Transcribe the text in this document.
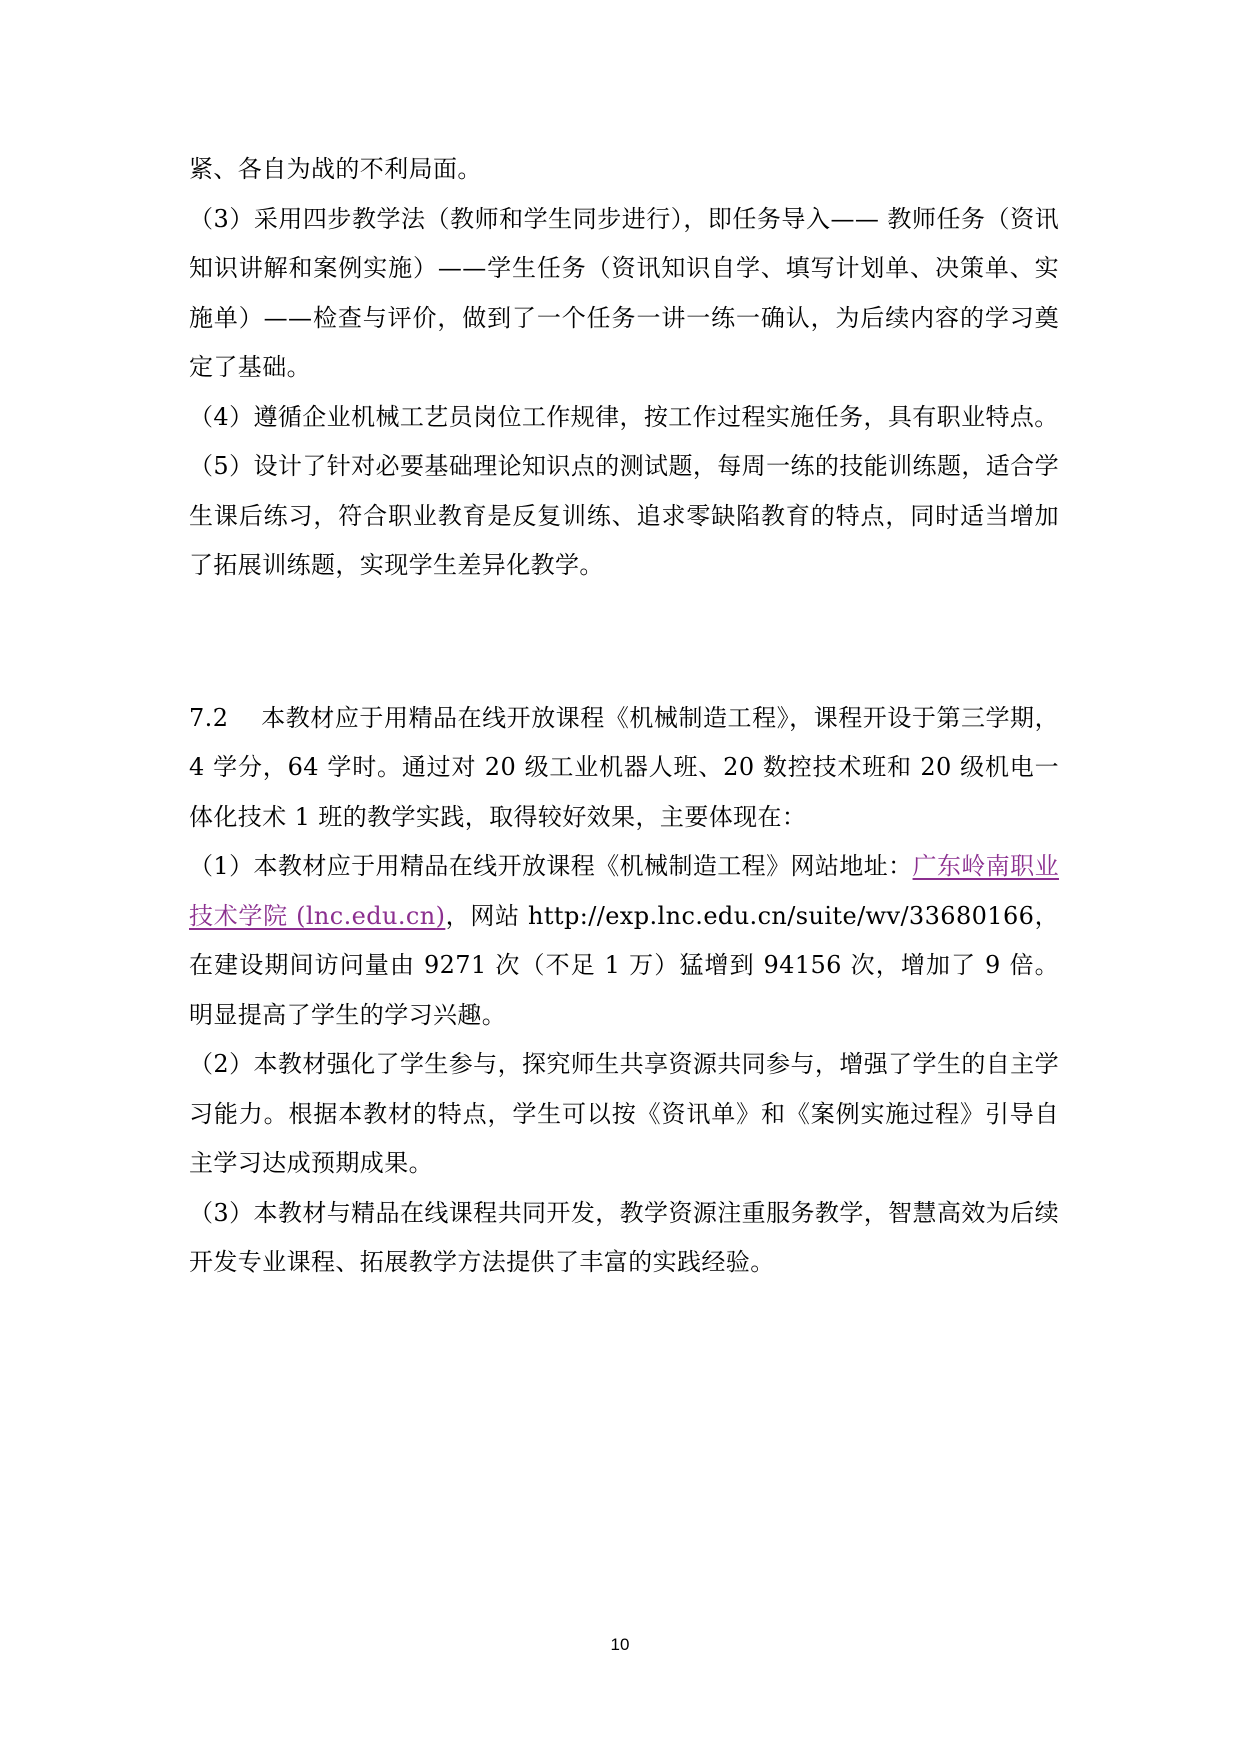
紧、各自为战的不利局面。

（3）采用四步教学法（教师和学生同步进行），即任务导入—— 教师任务（资讯知识讲解和案例实施）——学生任务（资讯知识自学、填写计划单、决策单、实施单）——检查与评价，做到了一个任务一讲一练一确认，为后续内容的学习奠定了基础。

（4）遵循企业机械工艺员岗位工作规律，按工作过程实施任务，具有职业特点。

（5）设计了针对必要基础理论知识点的测试题，每周一练的技能训练题，适合学生课后练习，符合职业教育是反复训练、追求零缺陷教育的特点，同时适当增加了拓展训练题，实现学生差异化教学。

7.2　 本教材应于用精品在线开放课程《机械制造工程》，课程开设于第三学期，4 学分，64 学时。通过对 20 级工业机器人班、20 数控技术班和 20 级机电一体化技术 1 班的教学实践，取得较好效果，主要体现在：

（1）本教材应于用精品在线开放课程《机械制造工程》网站地址：广东岭南职业技术学院 (lnc.edu.cn)，网站 http://exp.lnc.edu.cn/suite/wv/33680166，在建设期间访问量由 9271 次（不足 1 万）猛增到 94156 次，增加了 9 倍。明显提高了学生的学习兴趣。

（2）本教材强化了学生参与，探究师生共享资源共同参与，增强了学生的自主学习能力。根据本教材的特点，学生可以按《资讯单》和《案例实施过程》引导自主学习达成预期成果。

（3）本教材与精品在线课程共同开发，教学资源注重服务教学，智慧高效为后续开发专业课程、拓展教学方法提供了丰富的实践经验。

10
